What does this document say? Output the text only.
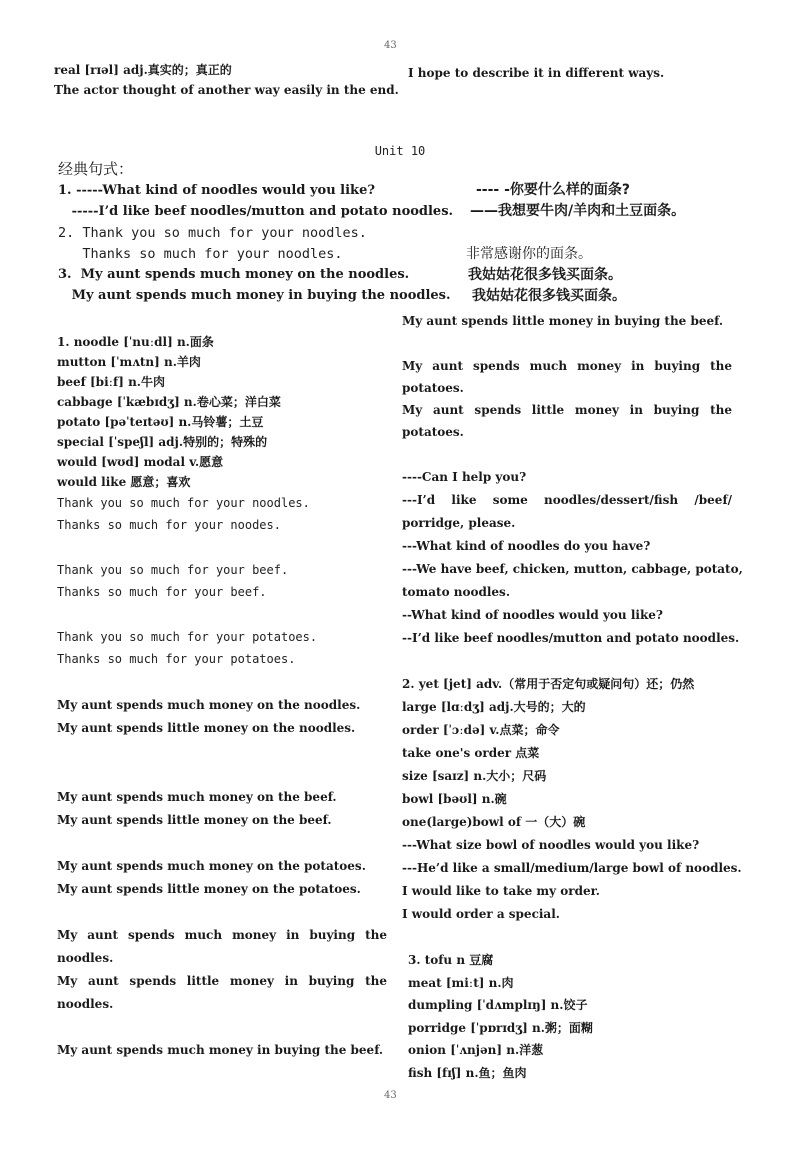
43

real [rɪəl] adj.真实的；真正的

The actor thought of another way easily in the end.

I hope to describe it in different ways.

Unit 10
经典句式：
1. -----What kind of noodles would you like?	---- -你要什么样的面条?
-----I’d like beef noodles/mutton and potato noodles. ——我想要牛肉/羊肉和土豆面条。
2. Thank you so much for your noodles.
Thanks so much for your noodles.	非常感谢你的面条。
3.  My aunt spends much money on the noodles.	我姑姑花很多钱买面条。
My aunt spends much money in buying the noodles. 我姑姑花很多钱买面条。

1. noodle [ˈnuːdl] n.面条

mutton [ˈmʌtn] n.羊肉

beef [biːf] n.牛肉

cabbage [ˈkæbɪdʒ] n.卷心菜；洋白菜

potato [pəˈteɪtəʊ] n.马铃薯；土豆

special [ˈspeʃl] adj.特别的；特殊的

would [wʊd] modal v.愿意

would like 愿意；喜欢

Thank you so much for your noodles.

Thanks so much for your noodes.

Thank you so much for your beef.

Thanks so much for your beef.

Thank you so much for your potatoes.

Thanks so much for your potatoes.

My aunt spends much money on the noodles.

My aunt spends little money on the noodles.

My aunt spends much money on the beef.

My aunt spends little money on the beef.

My aunt spends much money on the potatoes.

My aunt spends little money on the potatoes.

My aunt spends much money in buying the

noodles.

My aunt spends little money in buying the

noodles.

My aunt spends much money in buying the beef.

My aunt spends little money in buying the beef.

My aunt spends much money in buying the

potatoes.

My aunt spends little money in buying the

potatoes.

----Can I help you?

---I’d like some noodles/dessert/fish /beef/

porridge, please.

---What kind of noodles do you have?

---We have beef, chicken, mutton, cabbage, potato,

tomato noodles.

--What kind of noodles would you like?

--I’d like beef noodles/mutton and potato noodles.

2. yet [jet] adv.（常用于否定句或疑问句）还；仍然

large [lɑːdʒ] adj.大号的；大的

order [ˈɔːdə] v.点菜；命令

take one's order 点菜

size [saɪz] n.大小；尺码

bowl [bəʊl] n.碗

one(large)bowl of 一（大）碗

---What size bowl of noodles would you like?

---He’d like a small/medium/large bowl of noodles.

I would like to take my order.

I would order a special.

3. tofu n 豆腐

meat [miːt] n.肉

dumpling [ˈdʌmplɪŋ] n.饺子

porridge [ˈpɒrɪdʒ] n.粥；面糊

onion [ˈʌnjən] n.洋葱

fish [fɪʃ] n.鱼；鱼肉

43
